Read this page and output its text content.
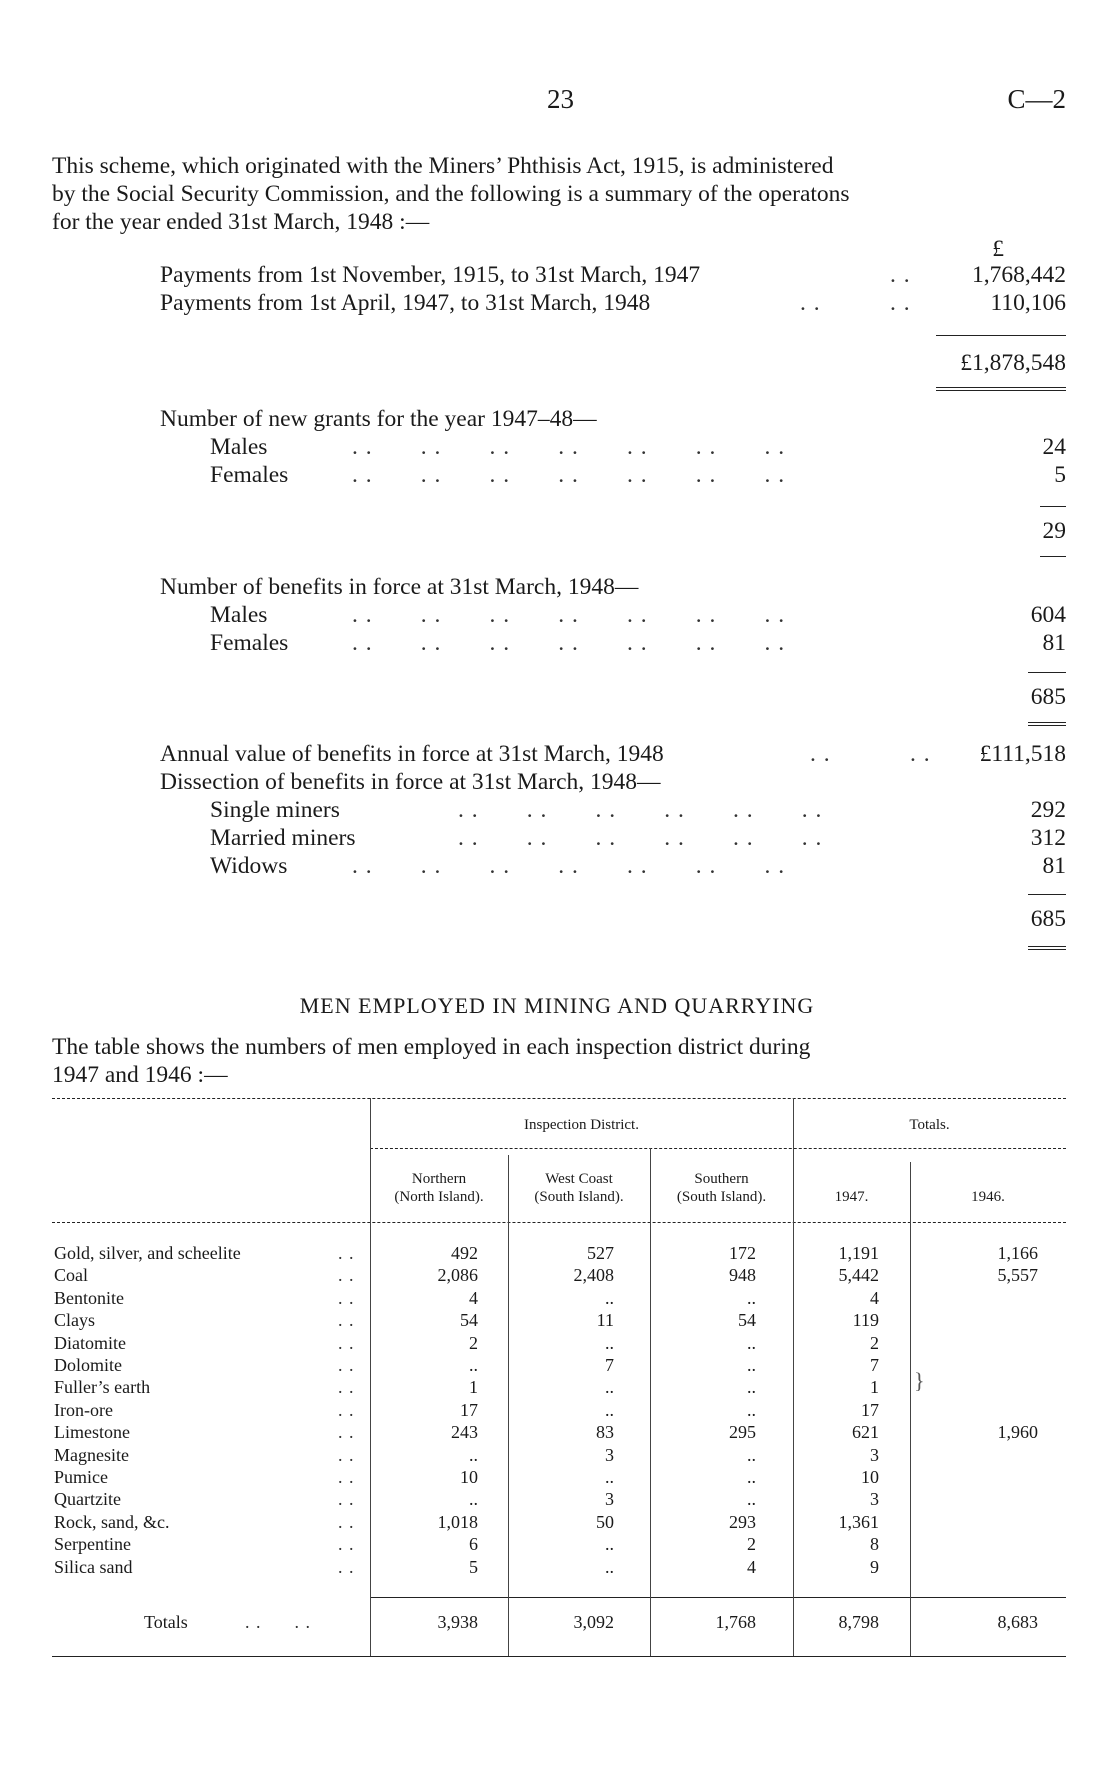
23	C—2
This scheme, which originated with the Miners’ Phthisis Act, 1915, is administered
by the Social Security Commission, and the following is a summary of the operatons
for the year ended 31st March, 1948 :—
£
Payments from 1st November, 1915, to 31st March, 1947	. .	1,768,442
Payments from 1st April, 1947, to 31st March, 1948	. .	. .	110,106
£1,878,548
Number of new grants for the year 1947–48—
Males	. .       . .       . .       . .       . .       . .       . .	24
Females	. .       . .       . .       . .       . .       . .       . .	5
29
Number of benefits in force at 31st March, 1948—
Males	. .       . .       . .       . .       . .       . .       . .	604
Females	. .       . .       . .       . .       . .       . .       . .	81
685
Annual value of benefits in force at 31st March, 1948	. .	. . £111,518
Dissection of benefits in force at 31st March, 1948—
Single miners	. .       . .       . .       . .       . .       . .	292
Married miners	. .       . .       . .       . .       . .       . .	312
Widows	. .       . .       . .       . .       . .       . .       . .	81
685
MEN EMPLOYED IN MINING AND QUARRYING
The table shows the numbers of men employed in each inspection district during
1947 and 1946 :—
Inspection District.	Totals.
Northern
(North Island).
West Coast
(South Island).
Southern
(South Island).	1947.	1946.
}
Gold, silver, and scheelite	. .	492	527	172	1,191	1,166
Coal	. .	2,086	2,408	948	5,442	5,557
Bentonite	. .	4	..	..	4
Clays	. .	54	11	54	119
Diatomite	. .	2	..	..	2
Dolomite	. .	..	7	..	7
Fuller’s earth	. .	1	..	..	1
Iron-ore	. .	17	..	..	17
Limestone	. .	243	83	295	621	1,960
Magnesite	. .	..	3	..	3
Pumice	. .	10	..	..	10
Quartzite	. .	..	3	..	3
Rock, sand, &c.	. .	1,018	50	293	1,361
Serpentine	. .	6	..	2	8
Silica sand	. .	5	..	4	9
Totals	. .      . .	3,938	3,092	1,768	8,798	8,683
